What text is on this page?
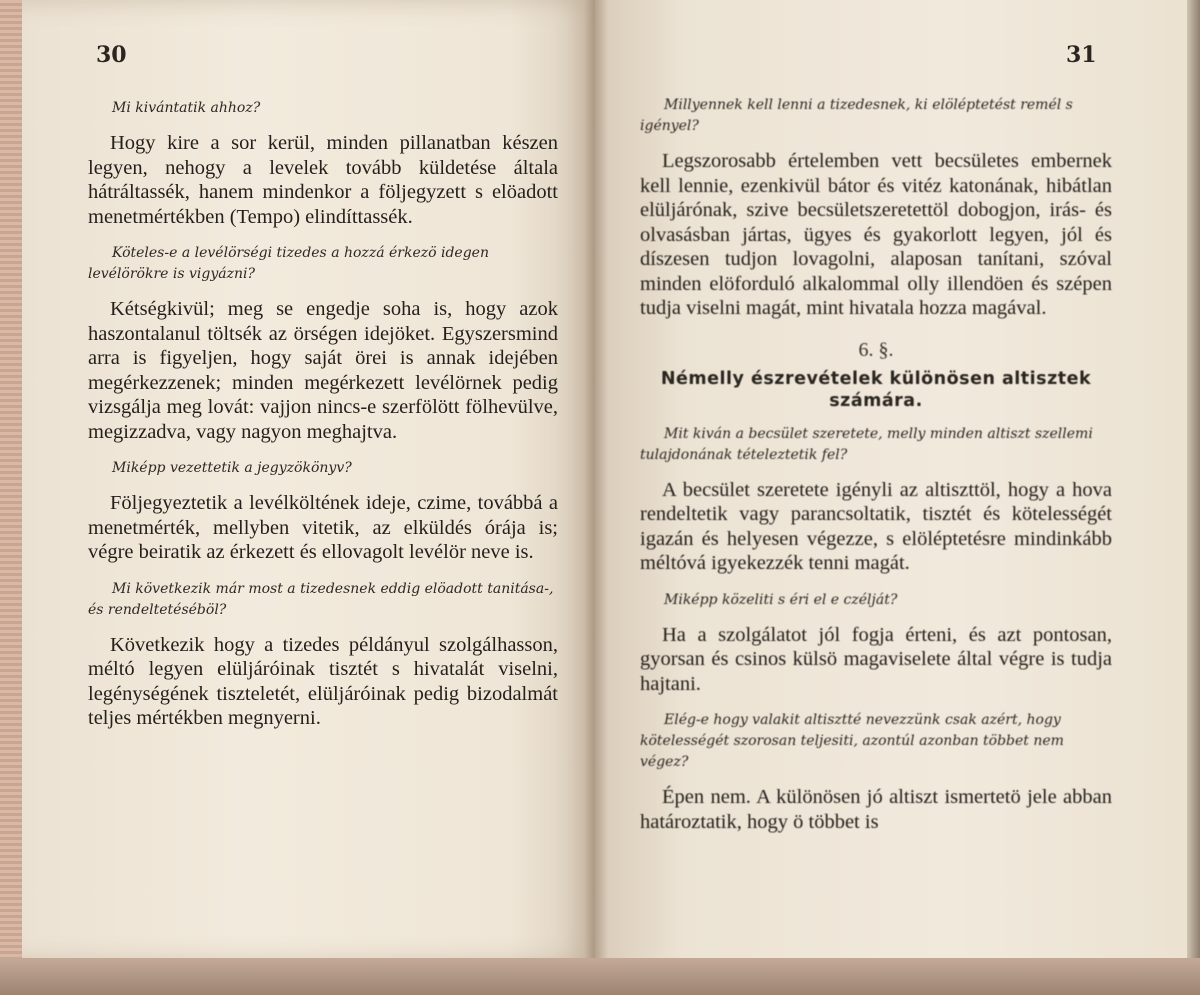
30	31
Mi kivántatik ahhoz?
Hogy kire a sor kerül, minden pillanatban készen legyen, nehogy a levelek tovább küldetése általa hátráltassék, hanem mindenkor a följegyzett s elöadott menetmértékben (Tempo) elindíttassék.
Köteles-e a levélörségi tizedes a hozzá érkezö idegen levélörökre is vigyázni?
Kétségkivül; meg se engedje soha is, hogy azok haszontalanul töltsék az örségen idejöket. Egyszersmind arra is figyeljen, hogy saját örei is annak idejében megérkezzenek; minden megérkezett levélörnek pedig vizsgálja meg lovát: vajjon nincs-e szerfölött fölhevülve, megizzadva, vagy nagyon meghajtva.
Miképp vezettetik a jegyzökönyv?
Följegyeztetik a levélköltének ideje, czime, továbbá a menetmérték, mellyben vitetik, az elküldés órája is; végre beiratik az érkezett és ellovagolt levélör neve is.
Mi következik már most a tizedesnek eddig elöadott tanitása-, és rendeltetéséböl?
Következik hogy a tizedes példányul szolgálhasson, méltó legyen elüljáróinak tisztét s hivatalát viselni, legénységének tiszteletét, elüljáróinak pedig bizodalmát teljes mértékben megnyerni.
Millyennek kell lenni a tizedesnek, ki elöléptetést remél s igényel?
Legszorosabb értelemben vett becsületes embernek kell lennie, ezenkivül bátor és vitéz katonának, hibátlan elüljárónak, szive becsületszeretettöl dobogjon, irás- és olvasásban jártas, ügyes és gyakorlott legyen, jól és díszesen tudjon lovagolni, alaposan tanítani, szóval minden elöforduló alkalommal olly illendöen és szépen tudja viselni magát, mint hivatala hozza magával.
6. §.
Némelly észrevételek különösen altisztek számára.
Mit kiván a becsület szeretete, melly minden altiszt szellemi tulajdonának tételeztetik fel?
A becsület szeretete igényli az altiszttöl, hogy a hova rendeltetik vagy parancsoltatik, tisztét és kötelességét igazán és helyesen végezze, s elöléptetésre mindinkább méltóvá igyekezzék tenni magát.
Miképp közeliti s éri el e czélját?
Ha a szolgálatot jól fogja érteni, és azt pontosan, gyorsan és csinos külsö magaviselete által végre is tudja hajtani.
Elég-e hogy valakit altisztté nevezzünk csak azért, hogy kötelességét szorosan teljesiti, azontúl azonban többet nem végez?
Épen nem. A különösen jó altiszt ismertetö jele abban határoztatik, hogy ö többet is
